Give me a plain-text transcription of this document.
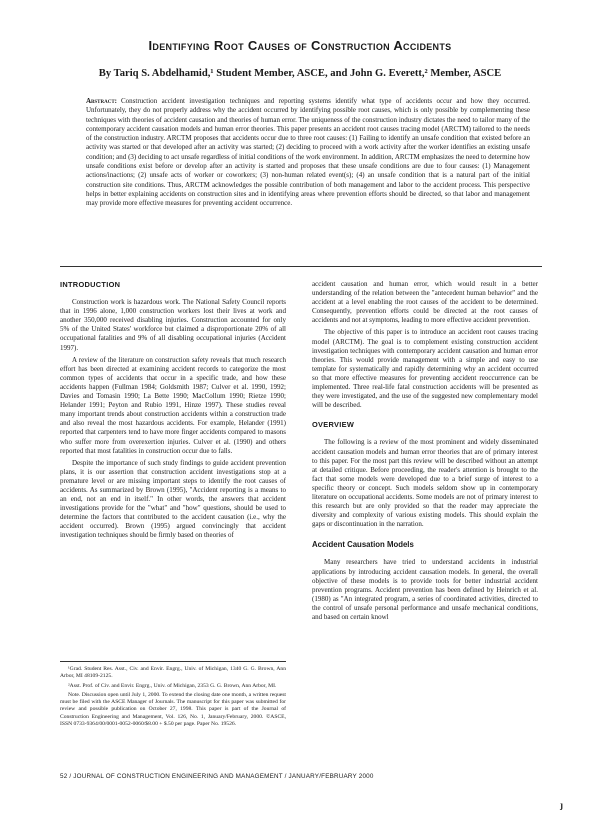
Identifying Root Causes of Construction Accidents
By Tariq S. Abdelhamid,¹ Student Member, ASCE, and John G. Everett,² Member, ASCE
Abstract: Construction accident investigation techniques and reporting systems identify what type of accidents occur and how they occurred. Unfortunately, they do not properly address why the accident occurred by identifying possible root causes, which is only possible by complementing these techniques with theories of accident causation and theories of human error. The uniqueness of the construction industry dictates the need to tailor many of the contemporary accident causation models and human error theories. This paper presents an accident root causes tracing model (ARCTM) tailored to the needs of the construction industry. ARCTM proposes that accidents occur due to three root causes: (1) Failing to identify an unsafe condition that existed before an activity was started or that developed after an activity was started; (2) deciding to proceed with a work activity after the worker identifies an existing unsafe condition; and (3) deciding to act unsafe regardless of initial conditions of the work environment. In addition, ARCTM emphasizes the need to determine how unsafe conditions exist before or develop after an activity is started and proposes that these unsafe conditions are due to four causes: (1) Management actions/inactions; (2) unsafe acts of worker or coworkers; (3) non-human related event(s); (4) an unsafe condition that is a natural part of the initial construction site conditions. Thus, ARCTM acknowledges the possible contribution of both management and labor to the accident process. This perspective helps in better explaining accidents on construction sites and in identifying areas where prevention efforts should be directed, so that labor and management may provide more effective measures for preventing accident occurrence.
INTRODUCTION

Construction work is hazardous work. The National Safety Council reports that in 1996 alone, 1,000 construction workers lost their lives at work and another 350,000 received disabling injuries. Construction accounted for only 5% of the United States' workforce but claimed a disproportionate 20% of all occupational fatalities and 9% of all disabling occupational injuries (Accident 1997).

A review of the literature on construction safety reveals that much research effort has been directed at examining accident records to categorize the most common types of accidents that occur in a specific trade, and how these accidents happen (Fullman 1984; Goldsmith 1987; Culver et al. 1990, 1992; Davies and Tomasin 1990; La Bette 1990; MacCollum 1990; Rietze 1990; Helander 1991; Peyton and Rubio 1991, Hinze 1997). These studies reveal many important trends about construction accidents within a construction trade and also reveal the most hazardous accidents. For example, Helander (1991) reported that carpenters tend to have more finger accidents compared to masons who suffer more from overexertion injuries. Culver et al. (1990) and others reported that most fatalities in construction occur due to falls.

Despite the importance of such study findings to guide accident prevention plans, it is our assertion that construction accident investigations stop at a premature level or are missing important steps to identify the root causes of accidents. As summarized by Brown (1995), "Accident reporting is a means to an end, not an end in itself." In other words, the answers that accident investigations provide for the "what" and "how" questions, should be used to determine the factors that contributed to the accident causation (i.e., why the accident occurred). Brown (1995) argued convincingly that accident investigation techniques should be firmly based on theories of

¹Grad. Student Res. Asst., Civ. and Envir. Engrg., Univ. of Michigan, 1340 G. G. Brown, Ann Arbor, MI 48109-2125.

²Asst. Prof. of Civ. and Envir. Engrg., Univ. of Michigan, 2353 G. G. Brown, Ann Arbor, MI.

Note. Discussion open until July 1, 2000. To extend the closing date one month, a written request must be filed with the ASCE Manager of Journals. The manuscript for this paper was submitted for review and possible publication on October 27, 1998. This paper is part of the Journal of Construction Engineering and Management, Vol. 126, No. 1, January/February, 2000. ©ASCE, ISSN 0733-9364/00/0001-0052-0060/$8.00 + $.50 per page. Paper No. 19526.

accident causation and human error, which would result in a better understanding of the relation between the "antecedent human behavior" and the accident at a level enabling the root causes of the accident to be determined. Consequently, prevention efforts could be directed at the root causes of accidents and not at symptoms, leading to more effective accident prevention.

The objective of this paper is to introduce an accident root causes tracing model (ARCTM). The goal is to complement existing construction accident investigation techniques with contemporary accident causation and human error theories. This would provide management with a simple and easy to use template for systematically and rapidly determining why an accident occurred so that more effective measures for preventing accident reoccurrence can be implemented. Three real-life fatal construction accidents will be presented as they were investigated, and the use of the suggested new complementary model will be described.

OVERVIEW

The following is a review of the most prominent and widely disseminated accident causation models and human error theories that are of primary interest to this paper. For the most part this review will be described without an attempt at detailed critique. Before proceeding, the reader's attention is brought to the fact that some models were developed due to a brief surge of interest to a specific theory or concept. Such models seldom show up in contemporary literature on occupational accidents. Some models are not of primary interest to this research but are only provided so that the reader may appreciate the diversity and complexity of various existing models. This should explain the gaps or discontinuation in the narration.

Accident Causation Models

Many researchers have tried to understand accidents in industrial applications by introducing accident causation models. In general, the overall objective of these models is to provide tools for better industrial accident prevention programs. Accident prevention has been defined by Heinrich et al. (1980) as "An integrated program, a series of coordinated activities, directed to the control of unsafe personal performance and unsafe mechanical conditions, and based on certain knowl

52 / JOURNAL OF CONSTRUCTION ENGINEERING AND MANAGEMENT / JANUARY/FEBRUARY 2000
ȷ
